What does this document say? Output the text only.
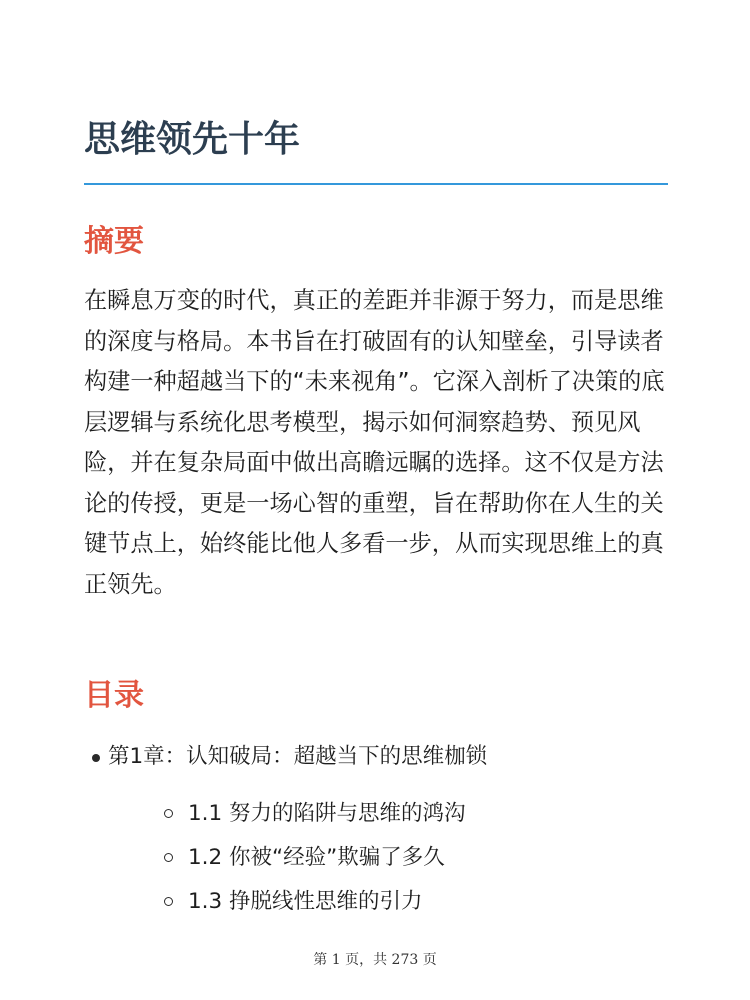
思维领先十年
摘要

在瞬息万变的时代，真正的差距并非源于努力，而是思维的深度与格局。本书旨在打破固有的认知壁垒，引导读者构建一种超越当下的“未来视角”。它深入剖析了决策的底层逻辑与系统化思考模型，揭示如何洞察趋势、预见风险，并在复杂局面中做出高瞻远瞩的选择。这不仅是方法论的传授，更是一场心智的重塑，旨在帮助你在人生的关键节点上，始终能比他人多看一步，从而实现思维上的真正领先。

目录
第1章：认知破局：超越当下的思维枷锁
1.1 努力的陷阱与思维的鸿沟
1.2 你被“经验”欺骗了多久
1.3 挣脱线性思维的引力
第 1 页，共 273 页
